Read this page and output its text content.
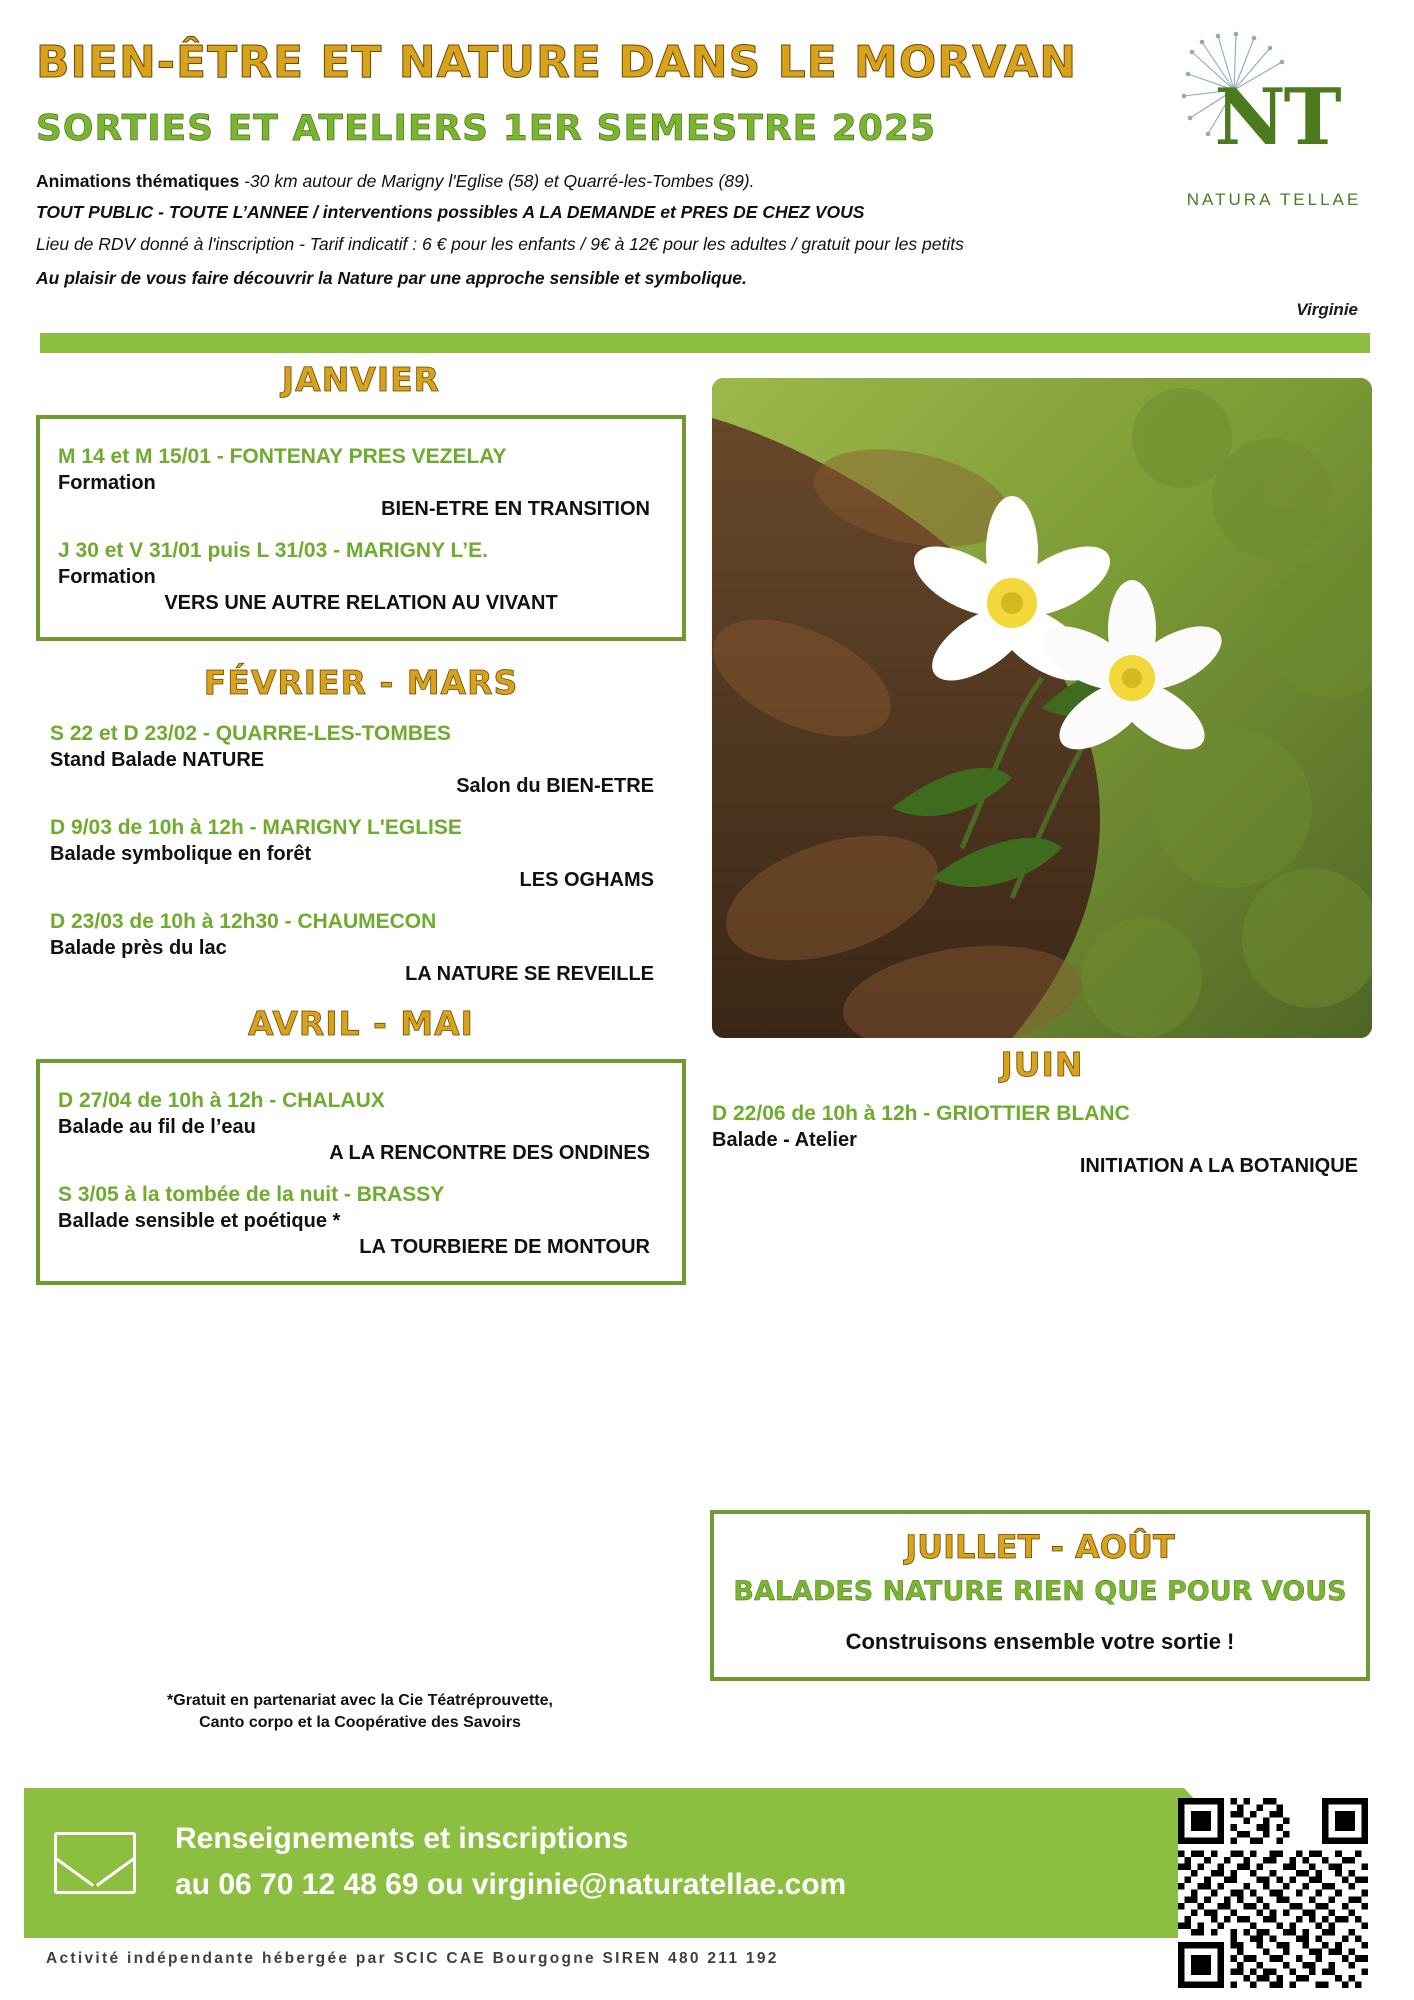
BIEN-ÊTRE ET NATURE DANS LE MORVAN
SORTIES ET ATELIERS 1ER SEMESTRE 2025
Animations thématiques -30 km autour de Marigny l'Eglise (58) et Quarré-les-Tombes (89).
TOUT PUBLIC - TOUTE L’ANNEE / interventions possibles A LA DEMANDE et PRES DE CHEZ VOUS
Lieu de RDV donné à l'inscription - Tarif indicatif : 6 € pour les enfants / 9€ à 12€ pour les adultes / gratuit pour les petits
Au plaisir de vous faire découvrir la Nature par une approche sensible et symbolique.
Virginie
NT
NATURA TELLAE
JANVIER
M 14 et M 15/01 - FONTENAY PRES VEZELAY
Formation
BIEN-ETRE EN TRANSITION
J 30 et V 31/01 puis L 31/03 - MARIGNY L’E.
Formation
VERS UNE AUTRE RELATION AU VIVANT
FÉVRIER - MARS
S 22 et D 23/02 - QUARRE-LES-TOMBES
Stand Balade NATURE
Salon du BIEN-ETRE
D 9/03 de 10h à 12h - MARIGNY L'EGLISE
Balade symbolique en forêt
LES OGHAMS
D 23/03 de 10h à 12h30 - CHAUMECON
Balade près du lac
LA NATURE SE REVEILLE
AVRIL - MAI
D 27/04 de 10h à 12h - CHALAUX
Balade au fil de l’eau
A LA RENCONTRE DES ONDINES
S 3/05 à la tombée de la nuit - BRASSY
Ballade sensible et poétique *
LA TOURBIERE DE MONTOUR
*Gratuit en partenariat avec la Cie Téatréprouvette,
Canto corpo et la Coopérative des Savoirs
JUIN
D 22/06 de 10h à 12h - GRIOTTIER BLANC
Balade - Atelier
INITIATION A LA BOTANIQUE
JUILLET - AOÛT
BALADES NATURE RIEN QUE POUR VOUS
Construisons ensemble votre sortie !
Renseignements et inscriptions
au 06 70 12 48 69 ou virginie@naturatellae.com
Activité indépendante hébergée par SCIC CAE Bourgogne SIREN 480 211 192
